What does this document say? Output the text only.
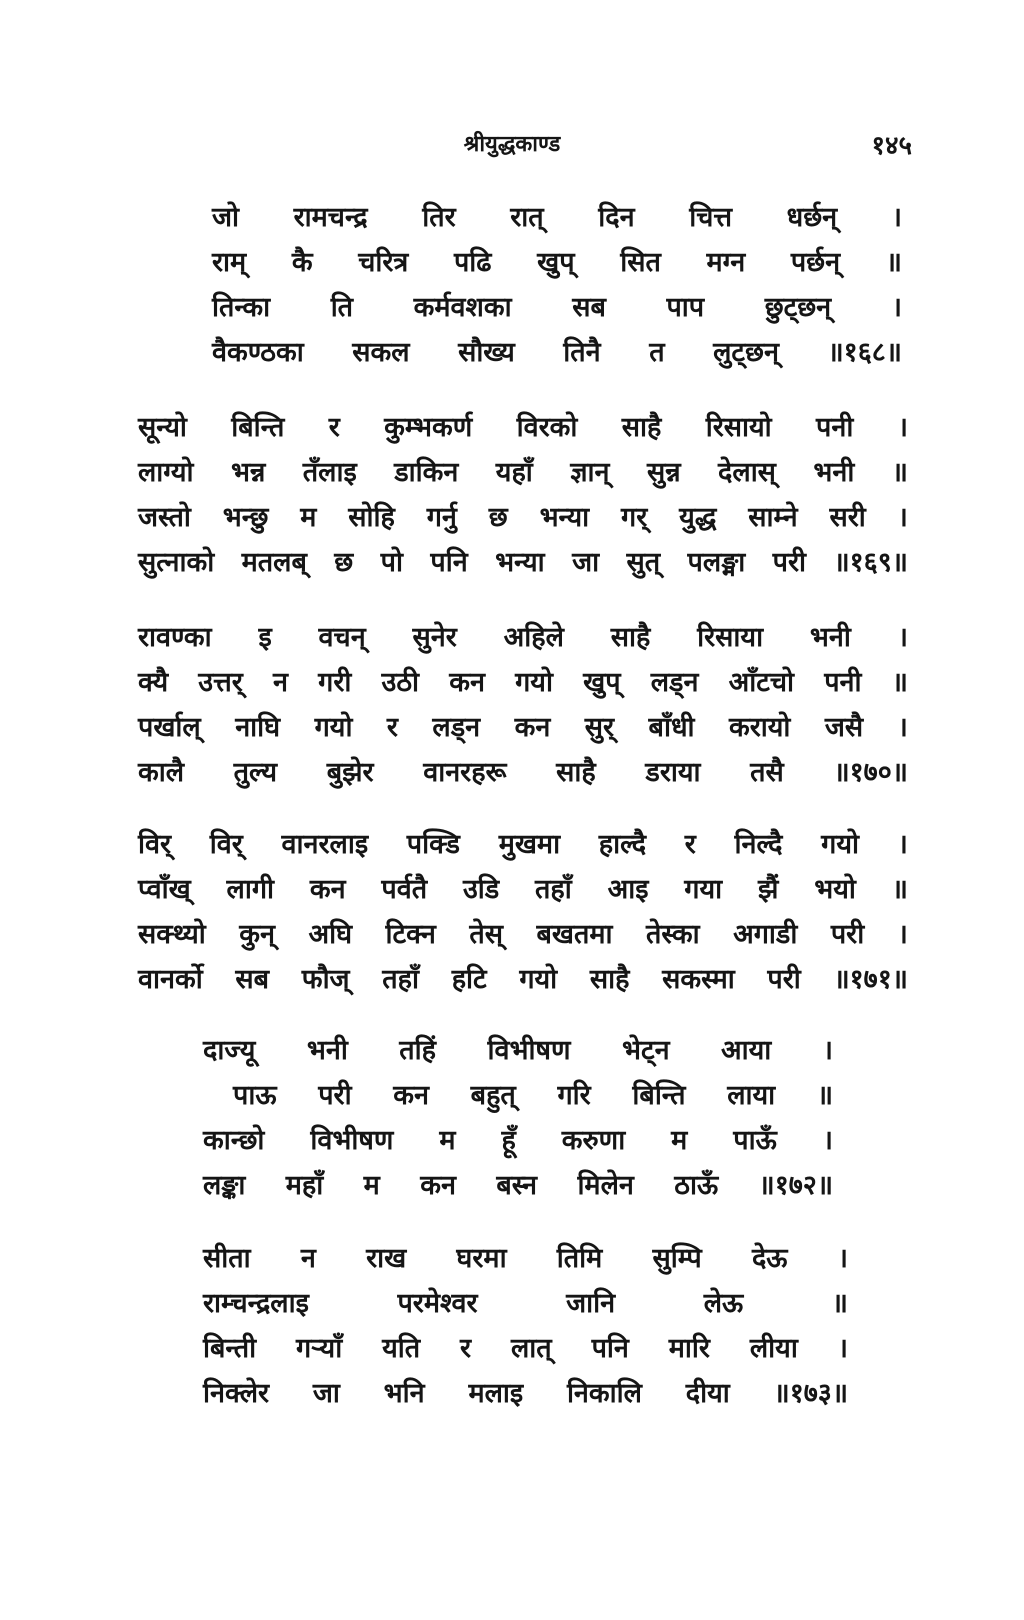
श्रीयुद्धकाण्ड	१४५
जो रामचन्द्र तिर रात् दिन चित्त धर्छन् ।
राम् कै चरित्र पढि खुप् सित मग्न पर्छन् ॥
तिन्का ति कर्मवशका सब पाप छुट्छन् ।
वैकण्ठका सकल सौख्य तिनै त लुट्छन् ॥१६८॥
सून्यो बिन्ति र कुम्भकर्ण विरको साहै रिसायो पनी ।
लाग्यो भन्न तँलाइ डाकिन यहाँ ज्ञान् सुन्न देलास् भनी ॥
जस्तो भन्छु म सोहि गर्नु छ भन्या गर् युद्ध साम्ने सरी ।
सुत्नाको मतलब् छ पो पनि भन्या जा सुत् पलङ्मा परी ॥१६९॥
रावण्का इ वचन् सुनेर अहिले साहै रिसाया भनी ।
क्यै उत्तर् न गरी उठी कन गयो खुप् लड्न आँटचो पनी ॥
पर्खाल् नाघि गयो र लड्न कन सुर् बाँधी करायो जसै ।
कालै तुल्य बुझेर वानरहरू साहै डराया तसै ॥१७०॥
विर् विर् वानरलाइ पक्डि मुखमा हाल्दै र निल्दै गयो ।
प्वाँख् लागी कन पर्वतै उडि तहाँ आइ गया झैं भयो ॥
सक्थ्यो कुन् अघि टिक्न तेस् बखतमा तेस्का अगाडी परी ।
वानर्को सब फौज् तहाँ हटि गयो साहै सकस्मा परी ॥१७१॥
दाज्यू भनी तहिं विभीषण भेट्न आया ।
पाऊ परी कन बहुत् गरि बिन्ति लाया ॥
कान्छो विभीषण म हूँ करुणा म पाऊँ ।
लङ्का महाँ म कन बस्न मिलेन ठाऊँ ॥१७२॥
सीता न राख घरमा तिमि सुम्पि देऊ ।
राम्चन्द्रलाइ	परमेश्वर	जानि	लेऊ	॥
बिन्ती गर्‍याँ यति र लात् पनि मारि लीया ।
निक्लेर जा भनि मलाइ निकालि दीया ॥१७३॥
